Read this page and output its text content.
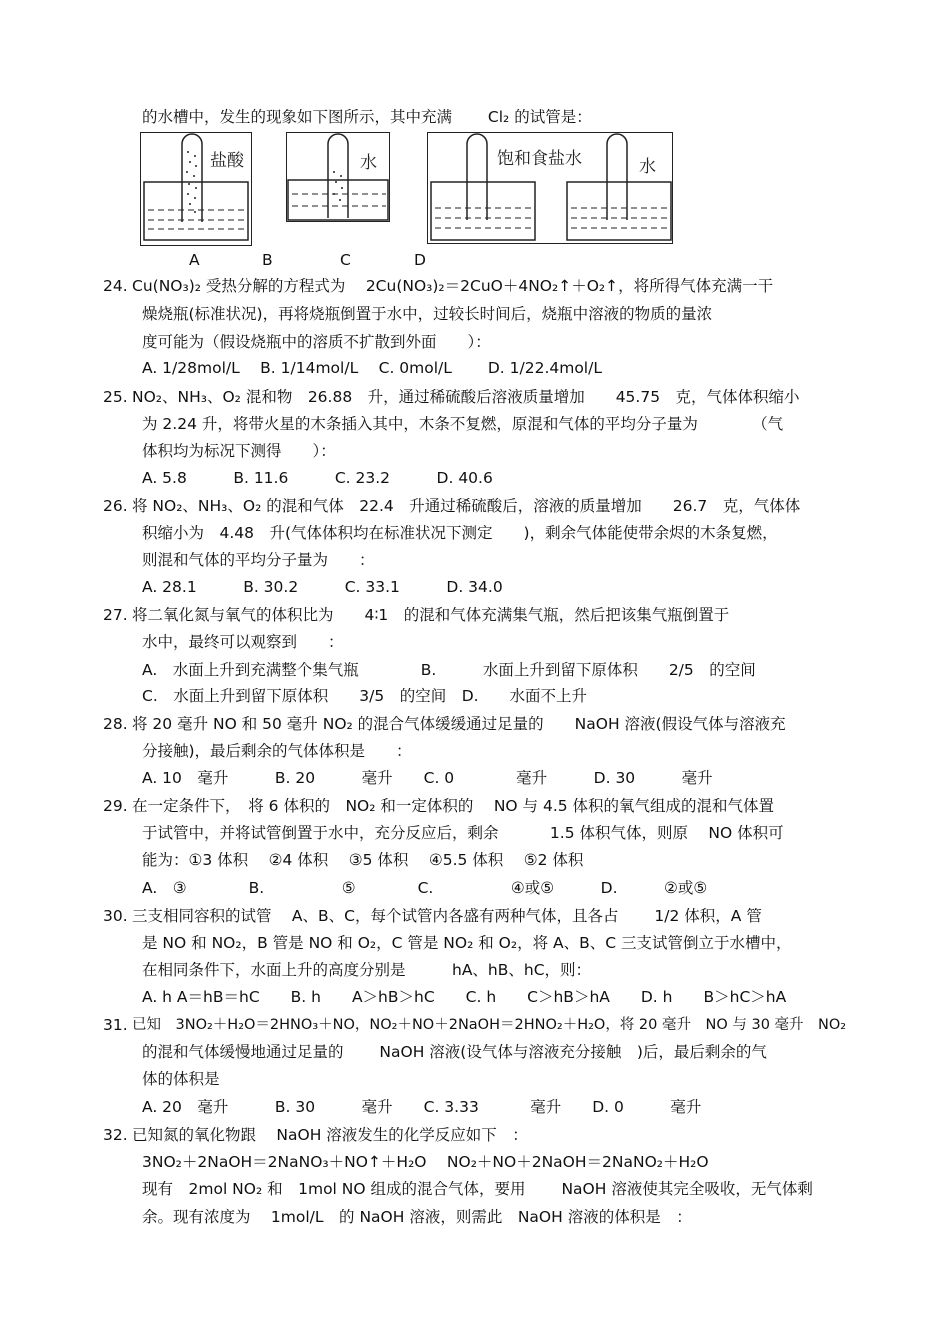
的水槽中，发生的现象如下图所示，其中充满　　 Cl₂ 的试管是：
盐酸	水	饱和食盐水	水
A	B	C	D
24. Cu(NO₃)₂ 受热分解的方程式为　 2Cu(NO₃)₂＝2CuO＋4NO₂↑＋O₂↑，将所得气体充满一干
燥烧瓶(标准状况)，再将烧瓶倒置于水中，过较长时间后，烧瓶中溶液的物质的量浓
度可能为（假设烧瓶中的溶质不扩散到外面　　）：
A. 1/28mol/L　 B. 1/14mol/L　 C. 0mol/L　　 D. 1/22.4mol/L
25. NO₂、NH₃、O₂ 混和物　26.88　升，通过稀硫酸后溶液质量增加　　45.75　克，气体体积缩小
为 2.24 升，将带火星的木条插入其中，木条不复燃，原混和气体的平均分子量为　　　　（气
体积均为标况下测得　　）：
A. 5.8　　　B. 11.6　　　C. 23.2　　　D. 40.6
26. 将 NO₂、NH₃、O₂ 的混和气体　22.4　升通过稀硫酸后，溶液的质量增加　　26.7　克，气体体
积缩小为　4.48　升(气体体积均在标准状况下测定　　)，剩余气体能使带余烬的木条复燃，
则混和气体的平均分子量为　　：
A. 28.1　　　B. 30.2　　　C. 33.1　　　D. 34.0
27. 将二氧化氮与氧气的体积比为　　4∶1　的混和气体充满集气瓶，然后把该集气瓶倒置于
水中，最终可以观察到　　：
A.　水面上升到充满整个集气瓶　　　　B.　　　水面上升到留下原体积　　2/5　的空间
C.　水面上升到留下原体积　　3/5　的空间　D.　　水面不上升
28. 将 20 毫升 NO 和 50 毫升 NO₂ 的混合气体缓缓通过足量的　　NaOH 溶液(假设气体与溶液充
分接触)，最后剩余的气体体积是　　：
A. 10　毫升　　　B. 20　　　毫升　　C. 0　　　　毫升　　　D. 30　　　毫升
29. 在一定条件下，　将 6 体积的　NO₂ 和一定体积的　 NO 与 4.5 体积的氧气组成的混和气体置
于试管中，并将试管倒置于水中，充分反应后，剩余　　　 1.5 体积气体，则原　 NO 体积可
能为：①3 体积　 ②4 体积　 ③5 体积　 ④5.5 体积　 ⑤2 体积
A.　③　　　　B.　　　　　⑤　　　　C.　　　　　④或⑤　　　D.　　　②或⑤
30. 三支相同容积的试管　 A、B、C，每个试管内各盛有两种气体，且各占　　 1/2 体积，A 管
是 NO 和 NO₂，B 管是 NO 和 O₂，C 管是 NO₂ 和 O₂，将 A、B、C 三支试管倒立于水槽中，
在相同条件下，水面上升的高度分别是　　　hA、hB、hC，则：
A. h A＝hB＝hC　　B. h　　A＞hB＞hC　　C. h　　C＞hB＞hA　　D. h　　B＞hC＞hA
31. 已知　3NO₂＋H₂O＝2HNO₃＋NO，NO₂＋NO＋2NaOH＝2HNO₂＋H₂O，将 20 毫升　NO 与 30 毫升　NO₂
的混和气体缓慢地通过足量的　　 NaOH 溶液(设气体与溶液充分接触　)后，最后剩余的气
体的体积是
A. 20　毫升　　　B. 30　　　毫升　　C. 3.33　　　 毫升　　D. 0　　　毫升
32. 已知氮的氧化物跟　 NaOH 溶液发生的化学反应如下　：
3NO₂＋2NaOH＝2NaNO₃＋NO↑＋H₂O　 NO₂＋NO＋2NaOH＝2NaNO₂＋H₂O
现有　2mol NO₂ 和　1mol NO 组成的混合气体，要用　　 NaOH 溶液使其完全吸收，无气体剩
余。现有浓度为　 1mol/L　的 NaOH 溶液，则需此　NaOH 溶液的体积是　：
